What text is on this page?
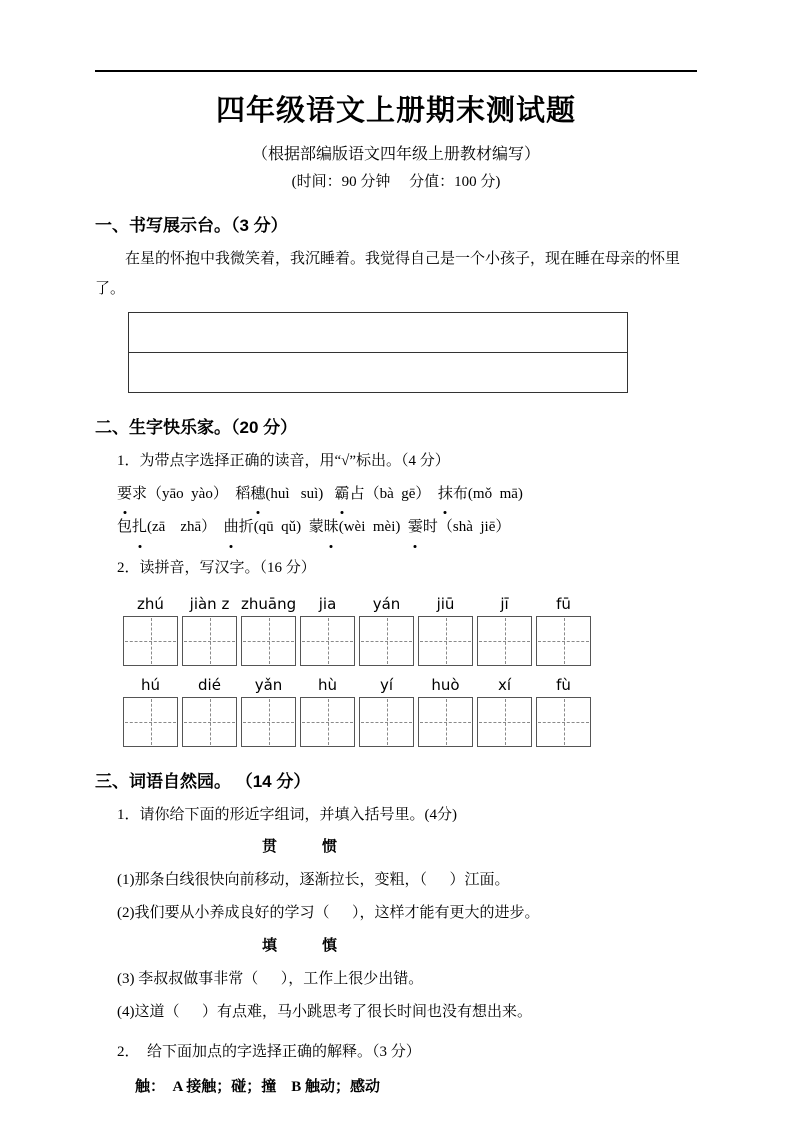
四年级语文上册期末测试题
（根据部编版语文四年级上册教材编写）
(时间：90 分钟　 分值：100 分)
一、书写展示台。（3 分）
在星的怀抱中我微笑着，我沉睡着。我觉得自己是一个小孩子，现在睡在母亲的怀里了。
二、生字快乐家。（20 分）
1．为带点字选择正确的读音，用“√”标出。（4 分）
要求（yāo  yào）  稻穗(huì   suì)   霸占（bà  gē）  抹布(mǒ  mā)
包扎(zā    zhā）  曲折(qū  qǔ)  蒙昧(wèi  mèi)  霎时（shà  jiē）
2．读拼音，写汉字。（16 分）
zhú	jiàn z zhuāng	jia	yán	jiū	jī	fū
hú	dié	yǎn	hù	yí	huò	xí	fù
三、词语自然园。 （14 分）
1．请你给下面的形近字组词，并填入括号里。(4分)
贯　　　惯
(1)那条白线很快向前移动，逐渐拉长，变粗，（      ）江面。
(2)我们要从小养成良好的学习（      ），这样才能有更大的进步。
填　　　慎
(3) 李叔叔做事非常（      ），工作上很少出错。
(4)这道（      ）有点难，马小跳思考了很长时间也没有想出来。
2．  给下面加点的字选择正确的解释。（3 分）
触：  A 接触；碰；撞    B 触动；感动
